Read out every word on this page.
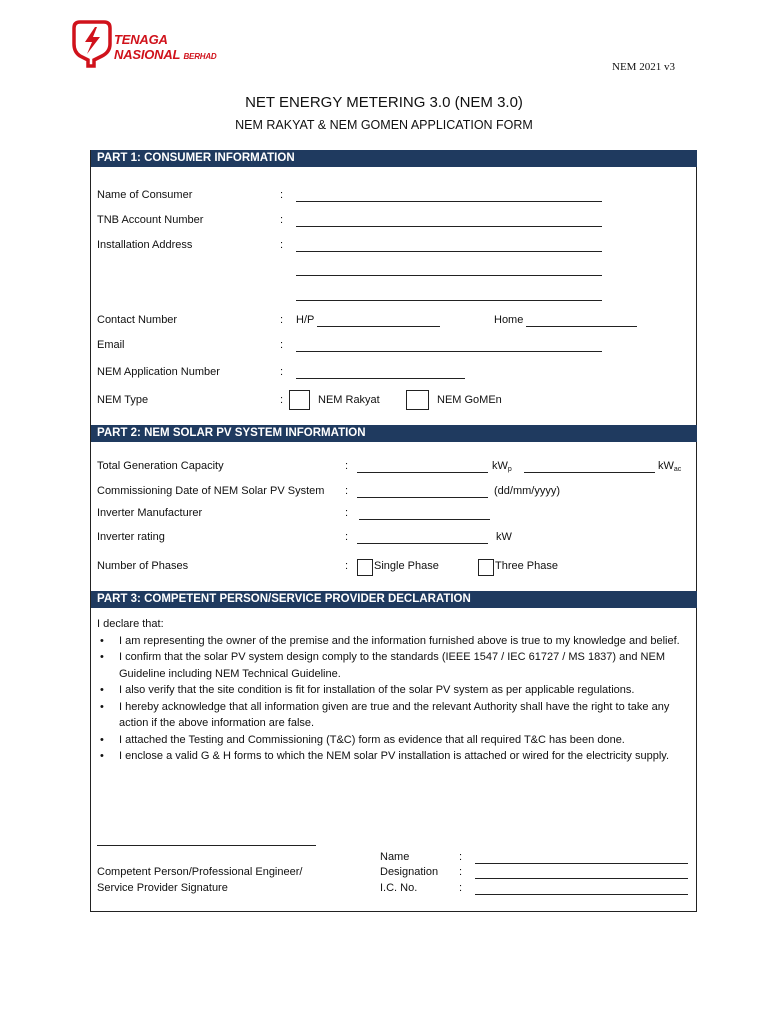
TENAGA
NASIONAL BERHAD
NEM 2021 v3
NET ENERGY METERING 3.0 (NEM 3.0)
NEM RAKYAT & NEM GOMEN APPLICATION FORM
PART 1: CONSUMER INFORMATION
Name of Consumer	:
TNB Account Number	:
Installation Address	:
Contact Number	: H/P	Home
Email	:
NEM Application Number	:
NEM Type	:	NEM Rakyat	NEM GoMEn
PART 2: NEM SOLAR PV SYSTEM INFORMATION
Total Generation Capacity	:	$kW_p$	$kW_{ac}$
Commissioning Date of NEM Solar PV System :	(dd/mm/yyyy)
Inverter Manufacturer	:
Inverter rating	:	kW
Number of Phases	: Single Phase	Three Phase
PART 3: COMPETENT PERSON/SERVICE PROVIDER DECLARATION
I declare that:
• I am representing the owner of the premise and the information furnished above is true to my knowledge and belief.
• I confirm that the solar PV system design comply to the standards (IEEE 1547 / IEC 61727 / MS 1837) and NEM Guideline including NEM Technical Guideline.
• I also verify that the site condition is fit for installation of the solar PV system as per applicable regulations.
• I hereby acknowledge that all information given are true and the relevant Authority shall have the right to take any action if the above information are false.
• I attached the Testing and Commissioning (T&C) form as evidence that all required T&C has been done.
• I enclose a valid G & H forms to which the NEM solar PV installation is attached or wired for the electricity supply.
Competent Person/Professional Engineer/
Service Provider Signature
Name	:
Designation :
I.C. No.	:
